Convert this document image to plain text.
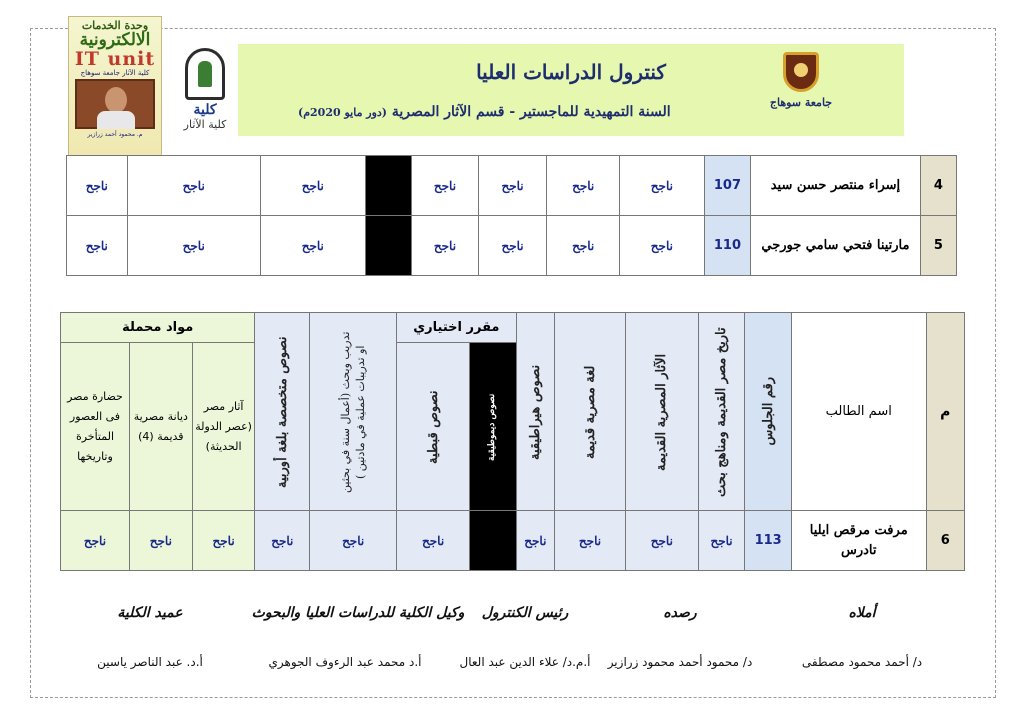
وحدة الخدمات
الالكترونية
IT unit
كلية الآثار جامعة سوهاج
م. محمود أحمد زرازير
كلية
كلية الآثار
كنترول الدراسات العليا
السنة التمهيدية للماجستير - قسم الآثار المصرية (دور مايو 2020م)
جامعة سوهاج
4	إسراء منتصر حسن سيد	107	ناجح	ناجح	ناجح	ناجح		ناجح	ناجح	ناجح
5	مارتينا فتحي سامي جورجي	110	ناجح	ناجح	ناجح	ناجح		ناجح	ناجح	ناجح
م	اسم الطالب	رقم الجلوس	تاريخ مصر القديمة ومناهج بحث	الآثار المصرية القديمة	لغة مصرية قديمة	نصوص هيراطيقية	مقرر اختياري		تدريب وبحث (أعمال سنة في بحثين او تدريبات عملية في مادتين )	نصوص متخصصة بلغة أوربية	مواد محملة		

							نصوص ديموطيقية	نصوص قبطية			آثار مصر (عصر الدولة الحديثة)	ديانة مصرية قديمة (4)	حضارة مصر فى العصور المتأخرة وتاريخها
6	مرفت مرقص ايليا تادرس	113	ناجح	ناجح	ناجح	ناجح		ناجح	ناجح	ناجح	ناجح	ناجح	ناجح
أملاه
رصده
رئيس الكنترول
وكيل الكلية للدراسات العليا والبحوث
عميد الكلية
د/ أحمد محمود مصطفى
د/ محمود أحمد محمود زرازير
أ.م.د/ علاء الدين عبد العال
أ.د محمد عبد الرءوف الجوهري
أ.د. عبد الناصر ياسين
